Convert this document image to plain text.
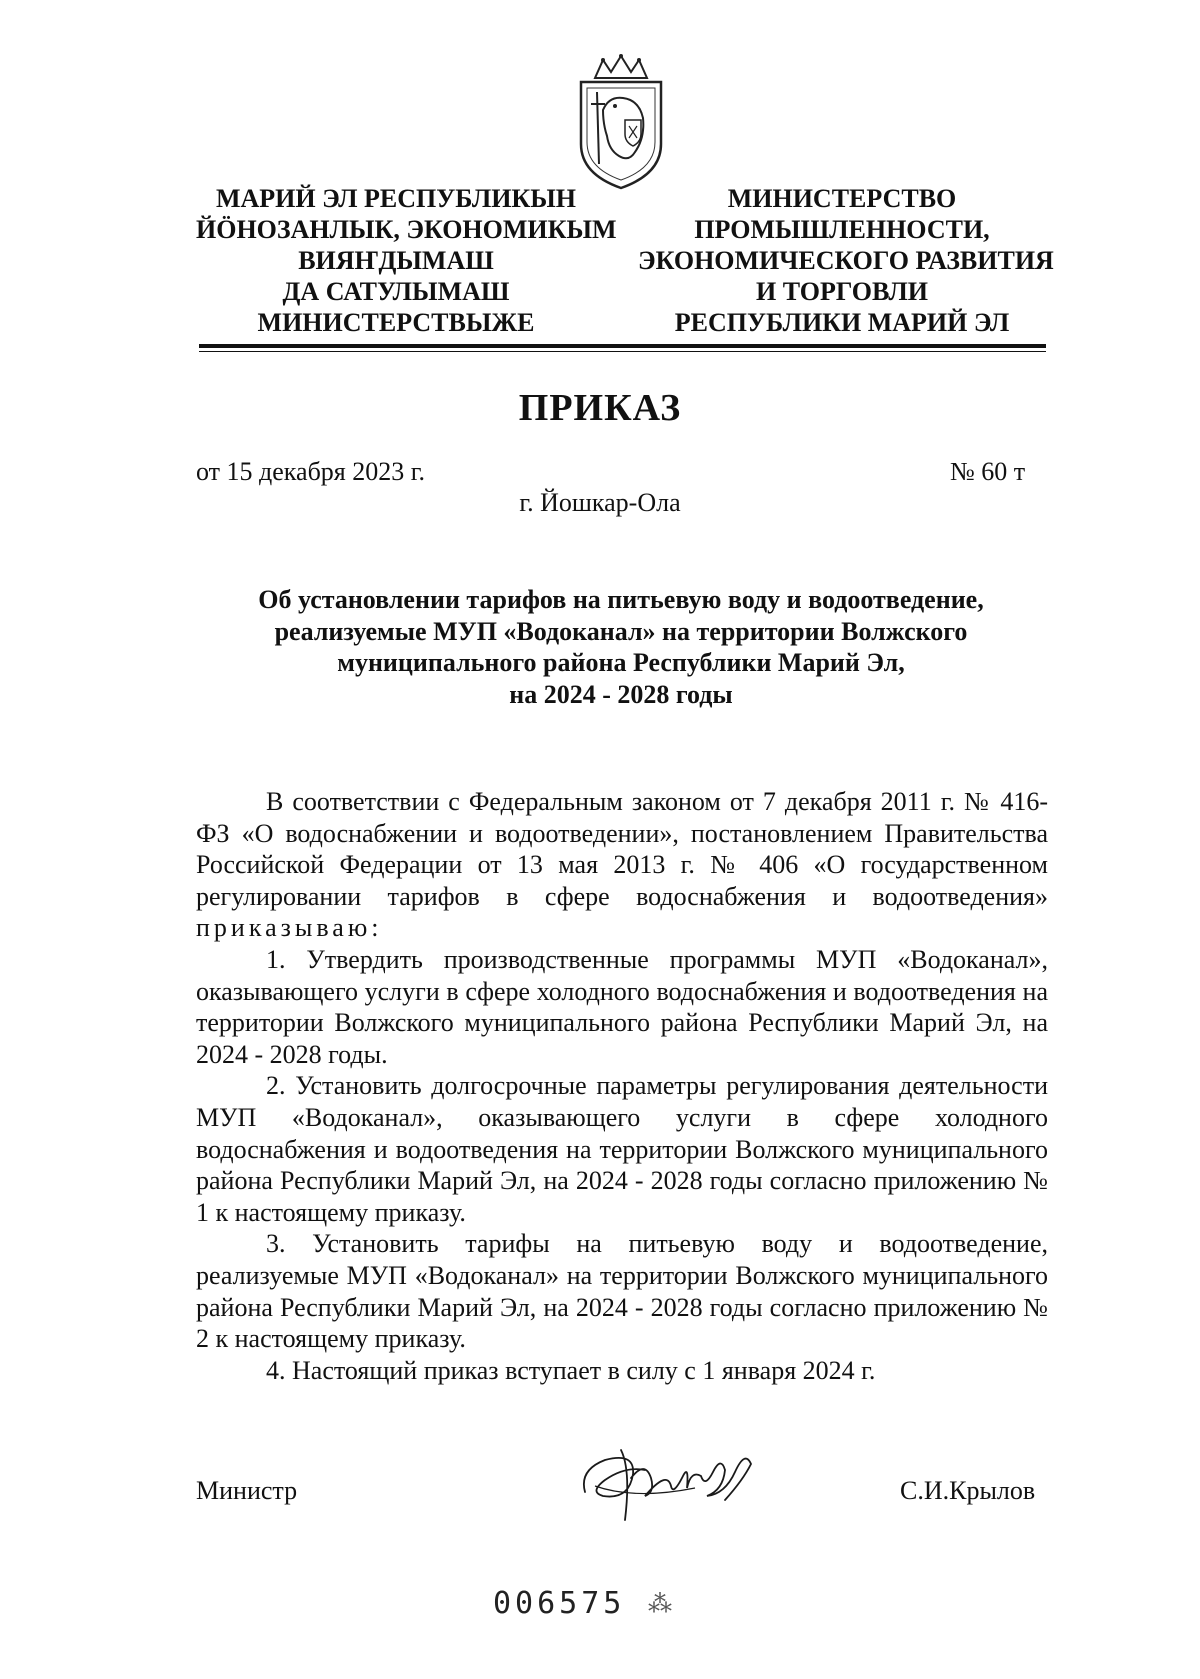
МАРИЙ ЭЛ РЕСПУБЛИКЫН
ЙӦНОЗАНЛЫК, ЭКОНОМИКЫМ
ВИЯҤДЫМАШ
ДА САТУЛЫМАШ
МИНИСТЕРСТВЫЖЕ
МИНИСТЕРСТВО
ПРОМЫШЛЕННОСТИ,
ЭКОНОМИЧЕСКОГО РАЗВИТИЯ
И ТОРГОВЛИ
РЕСПУБЛИКИ МАРИЙ ЭЛ
ПРИКАЗ
от 15 декабря 2023 г.	№ 60 т
г. Йошкар-Ола
Об установлении тарифов на питьевую воду и водоотведение,
реализуемые МУП «Водоканал» на территории Волжского
муниципального района Республики Марий Эл,
на 2024 - 2028 годы

В соответствии с Федеральным законом от 7 декабря 2011 г. № 416-ФЗ «О водоснабжении и водоотведении», постановлением Правительства Российской Федерации от 13 мая 2013 г. № 406 «О государственном регулировании тарифов в сфере водоснабжения и водоотведения» приказываю:

1. Утвердить производственные программы МУП «Водоканал», оказывающего услуги в сфере холодного водоснабжения и водоотведения на территории Волжского муниципального района Республики Марий Эл, на 2024 - 2028 годы.

2. Установить долгосрочные параметры регулирования деятельности МУП «Водоканал», оказывающего услуги в сфере холодного водоснабжения и водоотведения на территории Волжского муниципального района Республики Марий Эл, на 2024 - 2028 годы согласно приложению № 1 к настоящему приказу.

3. Установить тарифы на питьевую воду и водоотведение, реализуемые МУП «Водоканал» на территории Волжского муниципального района Республики Марий Эл, на 2024 - 2028 годы согласно приложению № 2 к настоящему приказу.

4. Настоящий приказ вступает в силу с 1 января 2024 г.

Министр	С.И.Крылов
006575 ⁂
